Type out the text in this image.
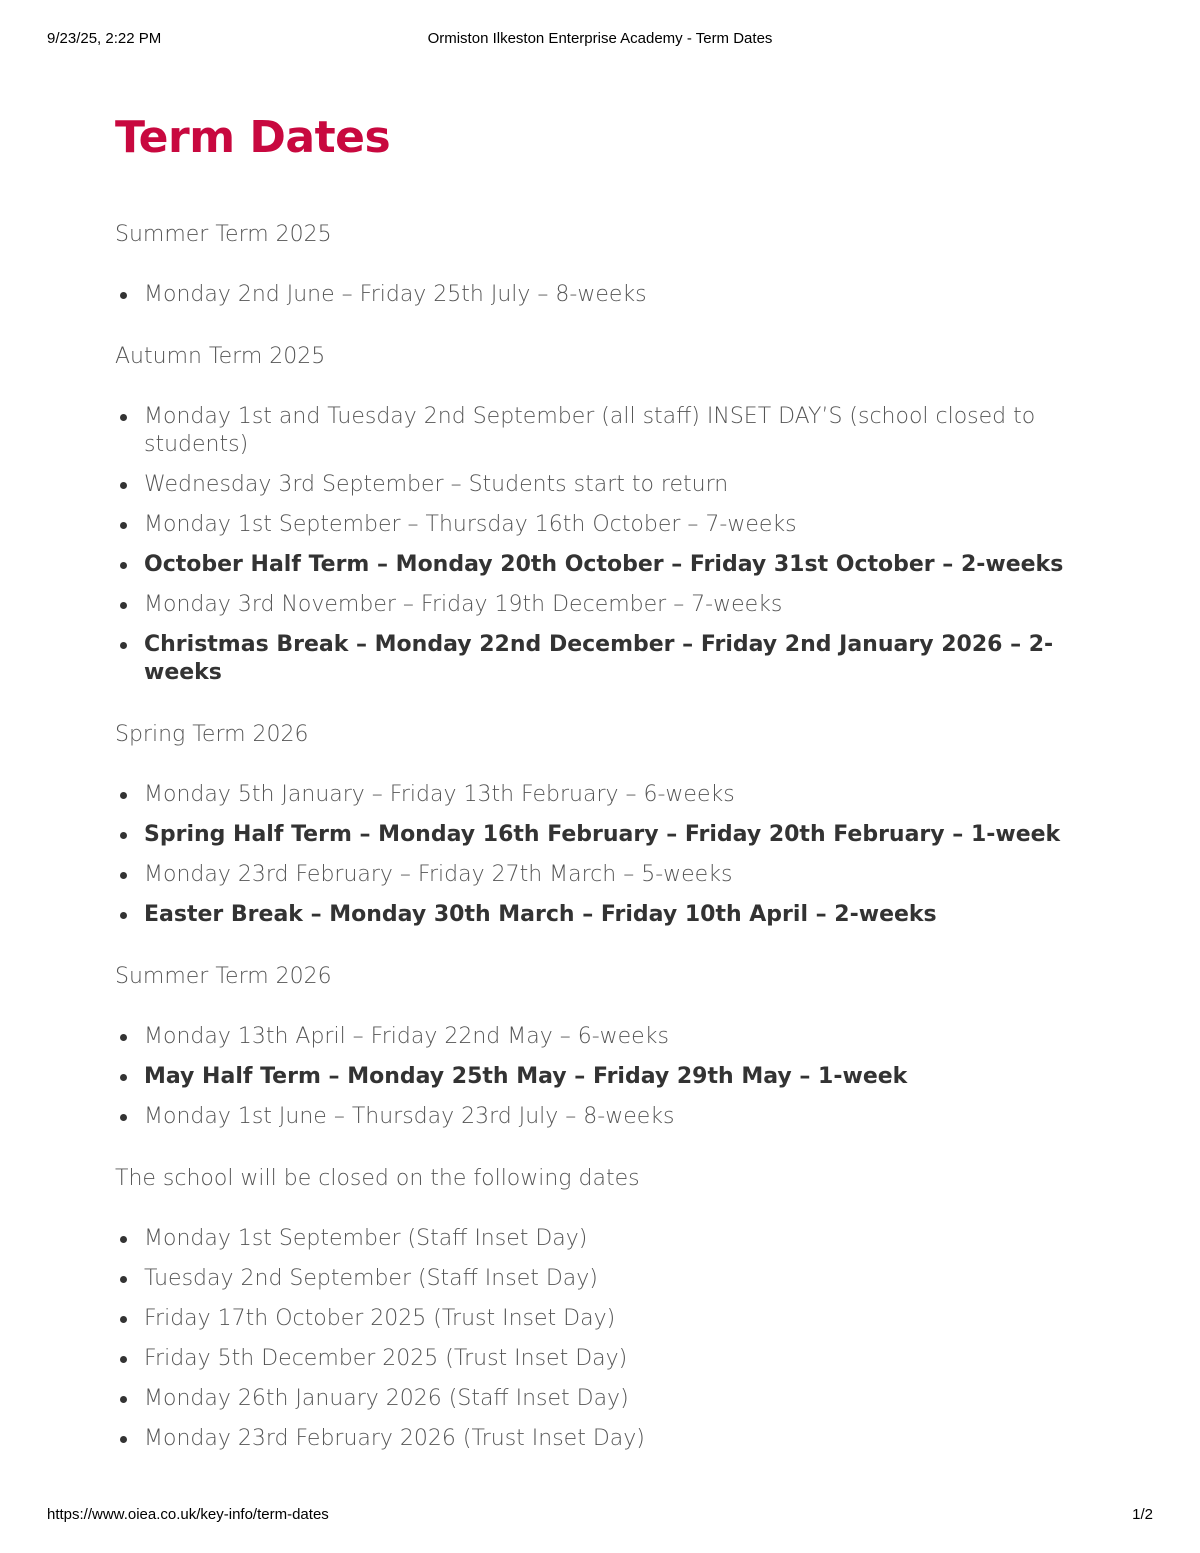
9/23/25, 2:22 PM	Ormiston Ilkeston Enterprise Academy - Term Dates
Term Dates
Summer Term 2025
Monday 2nd June – Friday 25th July – 8-weeks
Autumn Term 2025
Monday 1st and Tuesday 2nd September (all staff) INSET DAY’S (school closed to students)
Wednesday 3rd September – Students start to return
Monday 1st September – Thursday 16th October – 7-weeks
October Half Term – Monday 20th October – Friday 31st October – 2-weeks
Monday 3rd November – Friday 19th December – 7-weeks
Christmas Break – Monday 22nd December – Friday 2nd January 2026 – 2-weeks
Spring Term 2026
Monday 5th January – Friday 13th February – 6-weeks
Spring Half Term – Monday 16th February – Friday 20th February – 1-week
Monday 23rd February – Friday 27th March – 5-weeks
Easter Break – Monday 30th March – Friday 10th April – 2-weeks
Summer Term 2026
Monday 13th April – Friday 22nd May – 6-weeks
May Half Term – Monday 25th May – Friday 29th May – 1-week
Monday 1st June – Thursday 23rd July – 8-weeks
The school will be closed on the following dates
Monday 1st September (Staff Inset Day)
Tuesday 2nd September (Staff Inset Day)
Friday 17th October 2025 (Trust Inset Day)
Friday 5th December 2025 (Trust Inset Day)
Monday 26th January 2026 (Staff Inset Day)
Monday 23rd February 2026 (Trust Inset Day)
https://www.oiea.co.uk/key-info/term-dates	1/2
